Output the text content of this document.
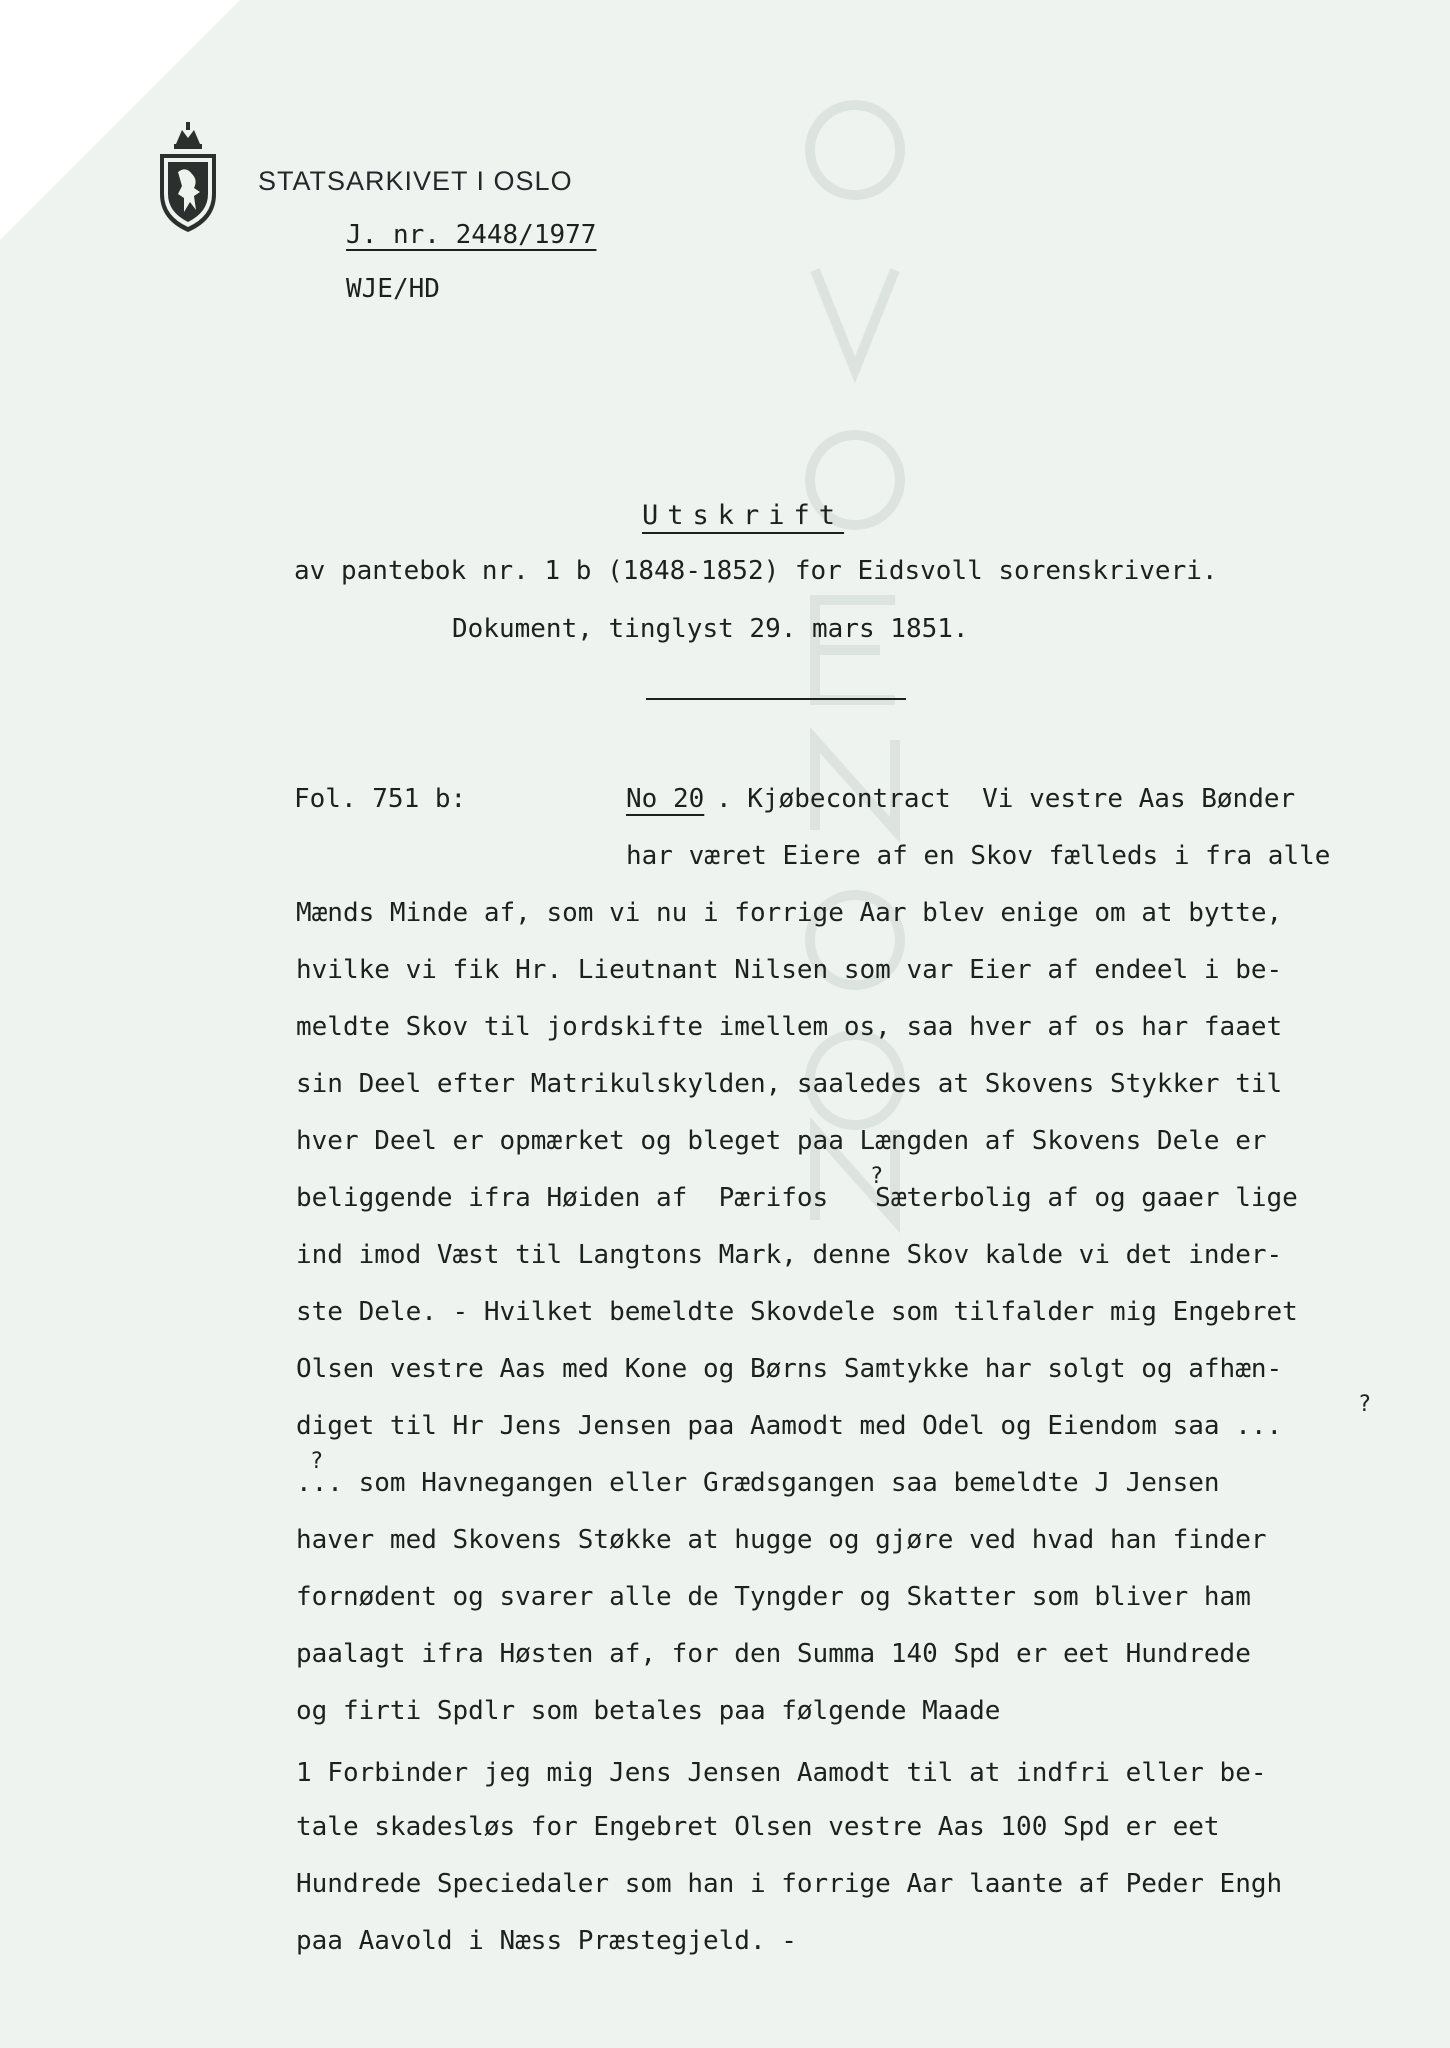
STATSARKIVET I OSLO
J. nr. 2448/1977
WJE/HD
Utskrift
av pantebok nr. 1 b (1848-1852) for Eidsvoll sorenskriveri.
Dokument, tinglyst 29. mars 1851.
Fol. 751 b:	No 20 . Kjøbecontract  Vi vestre Aas Bønder
har været Eiere af en Skov fælleds i fra alle
Mænds Minde af, som vi nu i forrige Aar blev enige om at bytte,
hvilke vi fik Hr. Lieutnant Nilsen som var Eier af endeel i be-
meldte Skov til jordskifte imellem os, saa hver af os har faaet
sin Deel efter Matrikulskylden, saaledes at Skovens Stykker til
hver Deel er opmærket og bleget paa Længden af Skovens Dele er
?
beliggende ifra Høiden af  Pærifos   Sæterbolig af og gaaer lige
ind imod Væst til Langtons Mark, denne Skov kalde vi det inder-
ste Dele. - Hvilket bemeldte Skovdele som tilfalder mig Engebret
Olsen vestre Aas med Kone og Børns Samtykke har solgt og afhæn-
?
diget til Hr Jens Jensen paa Aamodt med Odel og Eiendom saa ...
?
... som Havnegangen eller Grædsgangen saa bemeldte J Jensen
haver med Skovens Støkke at hugge og gjøre ved hvad han finder
fornødent og svarer alle de Tyngder og Skatter som bliver ham
paalagt ifra Høsten af, for den Summa 140 Spd er eet Hundrede
og firti Spdlr som betales paa følgende Maade
1 Forbinder jeg mig Jens Jensen Aamodt til at indfri eller be-
tale skadesløs for Engebret Olsen vestre Aas 100 Spd er eet
Hundrede Speciedaler som han i forrige Aar laante af Peder Engh
paa Aavold i Næss Præstegjeld. -
